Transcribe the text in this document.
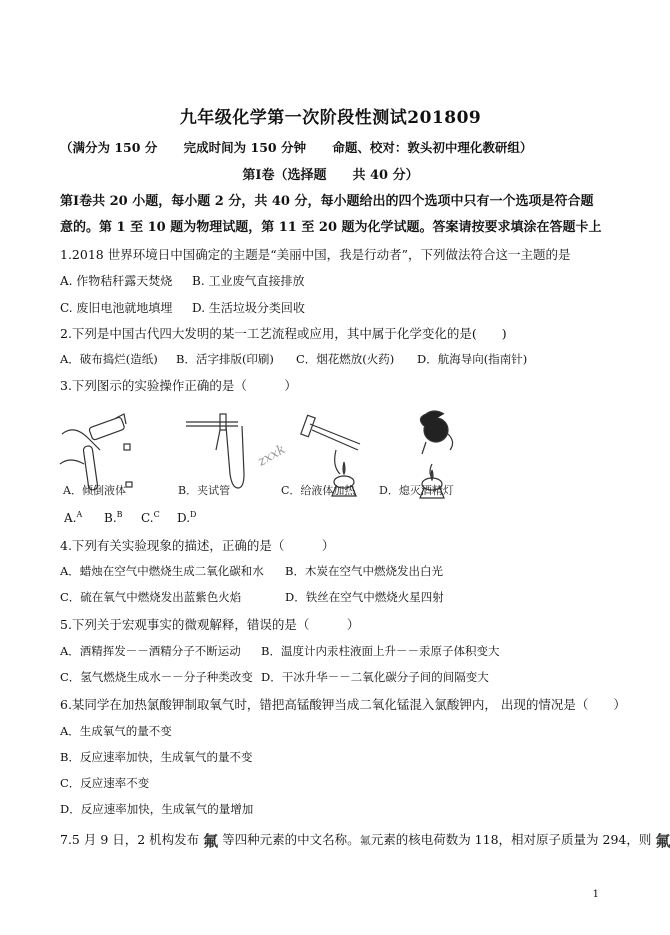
九年级化学第一次阶段性测试201809
（满分为 150 分 完成时间为 150 分钟 命题、校对：敦头初中理化教研组）
第Ⅰ卷（选择题　　共 40 分）
第Ⅰ卷共 20 小题，每小题 2 分，共 40 分，每小题给出的四个选项中只有一个选项是符合题
意的。第 1 至 10 题为物理试题，第 11 至 20 题为化学试题。答案请按要求填涂在答题卡上
1.2018 世界环境日中国确定的主题是“美丽中国，我是行动者”，下列做法符合这一主题的是
A. 作物秸秆露天焚烧 B. 工业废气直接排放
C. 废旧电池就地填埋 D. 生活垃圾分类回收
2.下列是中国古代四大发明的某一工艺流程或应用，其中属于化学变化的是(　　)
A．破布捣烂(造纸) B．活字排版(印刷) C．烟花燃放(火药) D．航海导向(指南针)
3.下列图示的实验操作正确的是（　　　）
zxxk
A．倾倒液体	B．夹试管	C．给液体加热 D．熄灭酒精灯
A.$^A$ B.$^B$ C.$^C$ D.$^D$
4.下列有关实验现象的描述，正确的是（　　　）
A．蜡烛在空气中燃烧生成二氧化碳和水 B．木炭在空气中燃烧发出白光
C．硫在氧气中燃烧发出蓝紫色火焰	D．铁丝在空气中燃烧火星四射
5.下列关于宏观事实的微观解释，错误的是（　　　）
A．酒精挥发－－酒精分子不断运动 B．温度计内汞柱液面上升－－汞原子体积变大
C．氢气燃烧生成水－－分子种类改变 D．干冰升华－－二氧化碳分子间的间隔变大
6.某同学在加热氯酸钾制取氧气时，错把高锰酸钾当成二氧化锰混入氯酸钾内， 出现的情况是（　　）
A．生成氧气的量不变
B．反应速率加快，生成氧气的量不变
C．反应速率不变
D．反应速率加快，生成氧气的量增加
7.5 月 9 日，2 机构发布 氟 等四种元素的中文名称。氟元素的核电荷数为 118，相对原子质量为 294，则 氟
1
